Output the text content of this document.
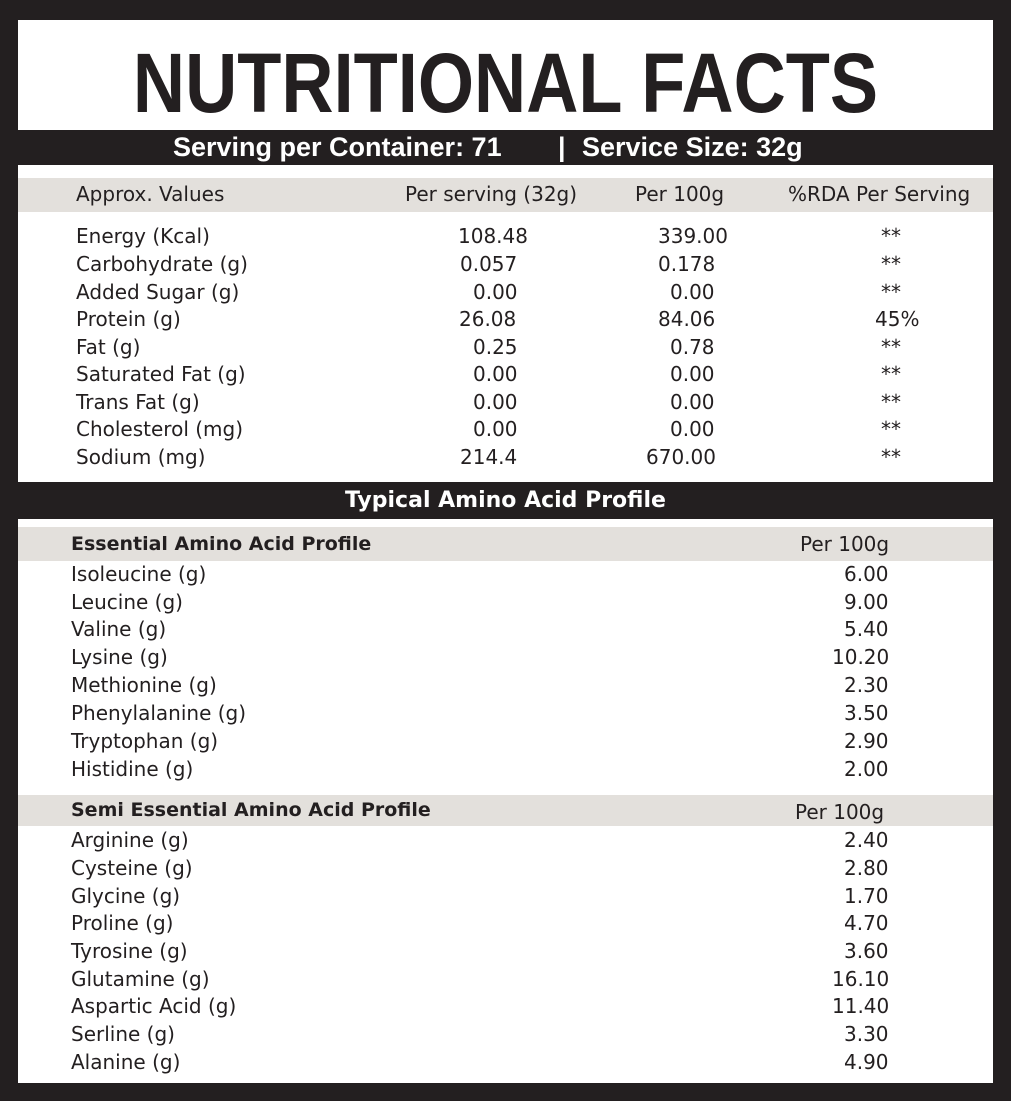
NUTRITIONAL FACTS
Serving per Container: 71 | Service Size: 32g
Approx. Values	Per serving (32g)	Per 100g	%RDA Per Serving
Energy (Kcal)	108.48	339.00	**
Carbohydrate (g)	0.057	0.178	**
Added Sugar (g)	0.00	0.00	**
Protein (g)	26.08	84.06	45%
Fat (g)	0.25	0.78	**
Saturated Fat (g)	0.00	0.00	**
Trans Fat (g)	0.00	0.00	**
Cholesterol (mg)	0.00	0.00	**
Sodium (mg)	214.4	670.00	**
Typical Amino Acid Profile
Essential Amino Acid Profile	Per 100g
Isoleucine (g)	6.00
Leucine (g)	9.00
Valine (g)	5.40
Lysine (g)	10.20
Methionine (g)	2.30
Phenylalanine (g)	3.50
Tryptophan (g)	2.90
Histidine (g)	2.00
Semi Essential Amino Acid Profile	Per 100g
Arginine (g)	2.40
Cysteine (g)	2.80
Glycine (g)	1.70
Proline (g)	4.70
Tyrosine (g)	3.60
Glutamine (g)	16.10
Aspartic Acid (g)	11.40
Serline (g)	3.30
Alanine (g)	4.90
